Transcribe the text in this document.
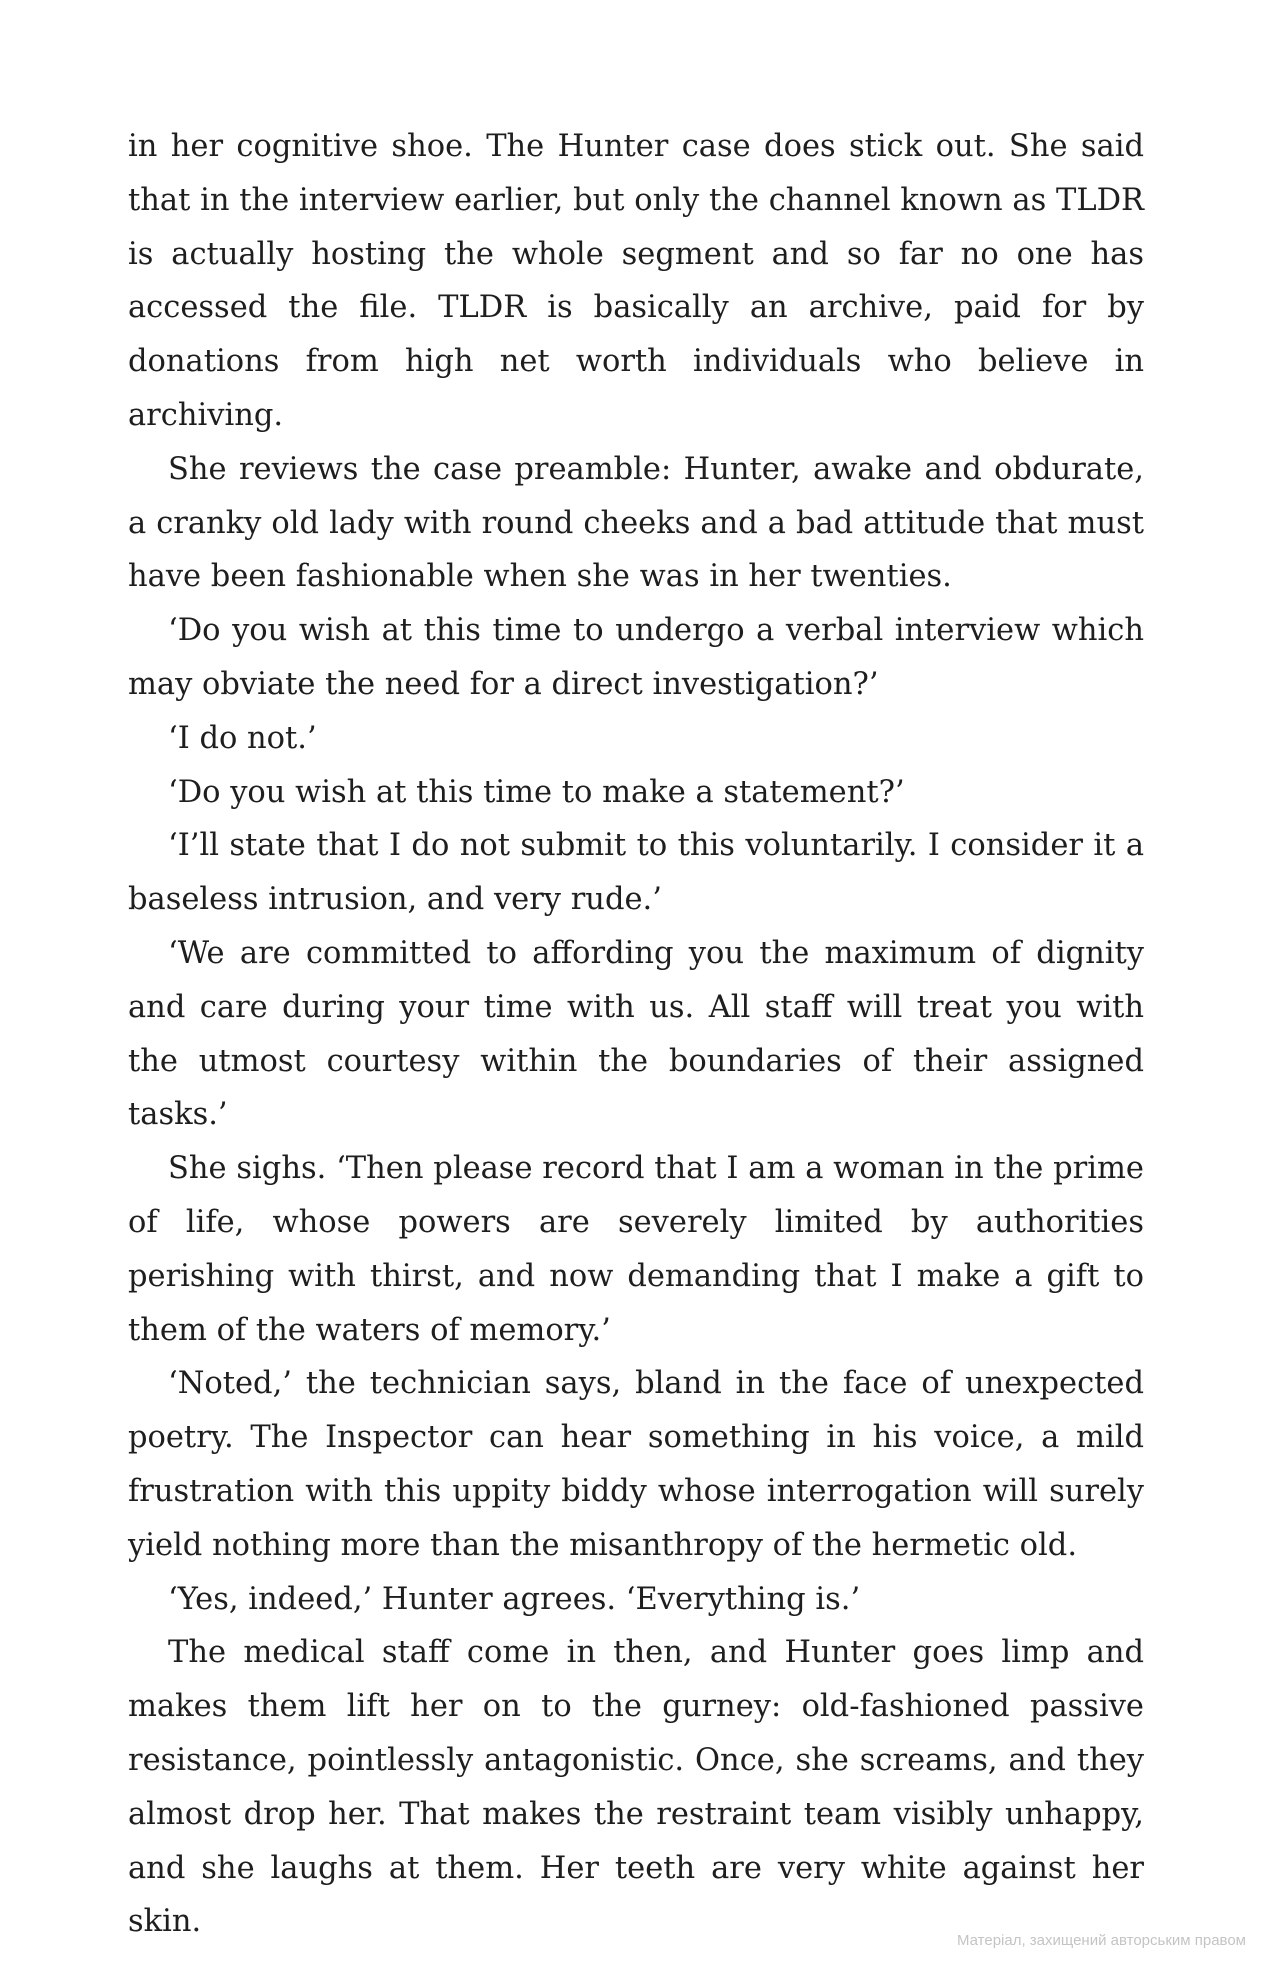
in her cognitive shoe. The Hunter case does stick out. She said that in the interview earlier, but only the channel known as TLDR is actually hosting the whole segment and so far no one has accessed the file. TLDR is basically an archive, paid for by donations from high net worth individuals who believe in archiving.

She reviews the case preamble: Hunter, awake and obdurate, a cranky old lady with round cheeks and a bad attitude that must have been fashionable when she was in her twenties.

‘Do you wish at this time to undergo a verbal interview which may obviate the need for a direct investigation?’

‘I do not.’

‘Do you wish at this time to make a statement?’

‘I’ll state that I do not submit to this voluntarily. I consider it a baseless intrusion, and very rude.’

‘We are committed to affording you the maximum of dignity and care during your time with us. All staff will treat you with the utmost courtesy within the boundaries of their assigned tasks.’

She sighs. ‘Then please record that I am a woman in the prime of life, whose powers are severely limited by authorities perishing with thirst, and now demanding that I make a gift to them of the waters of memory.’

‘Noted,’ the technician says, bland in the face of unexpected poetry. The Inspector can hear something in his voice, a mild frustration with this uppity biddy whose interrogation will surely yield nothing more than the misanthropy of the hermetic old.

‘Yes, indeed,’ Hunter agrees. ‘Everything is.’

The medical staff come in then, and Hunter goes limp and makes them lift her on to the gurney: old-fashioned passive resistance, pointlessly antagonistic. Once, she screams, and they almost drop her. That makes the restraint team visibly unhappy, and she laughs at them. Her teeth are very white against her skin.

Матеріал, захищений авторським правом
